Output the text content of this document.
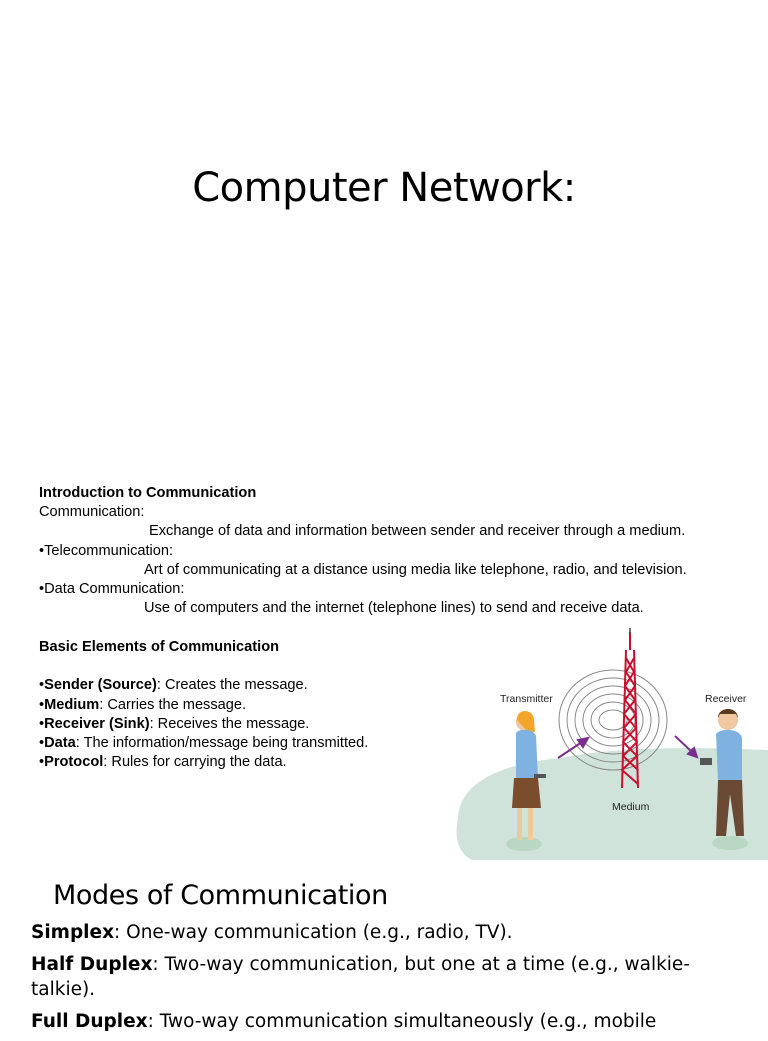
Computer Network:
Introduction to Communication
Communication:
Exchange of data and information between sender and receiver through a medium.
•Telecommunication:
Art of communicating at a distance using media like telephone, radio, and television.
•Data Communication:
Use of computers and the internet (telephone lines) to send and receive data.
Basic Elements of Communication
•Sender (Source): Creates the message.
•Medium: Carries the message.
•Receiver (Sink): Receives the message.
•Data: The information/message being transmitted.
•Protocol: Rules for carrying the data.
Transmitter	Receiver
Medium
Modes of Communication

Simplex: One-way communication (e.g., radio, TV).

Half Duplex: Two-way communication, but one at a time (e.g., walkie-talkie).

Full Duplex: Two-way communication simultaneously (e.g., mobile
